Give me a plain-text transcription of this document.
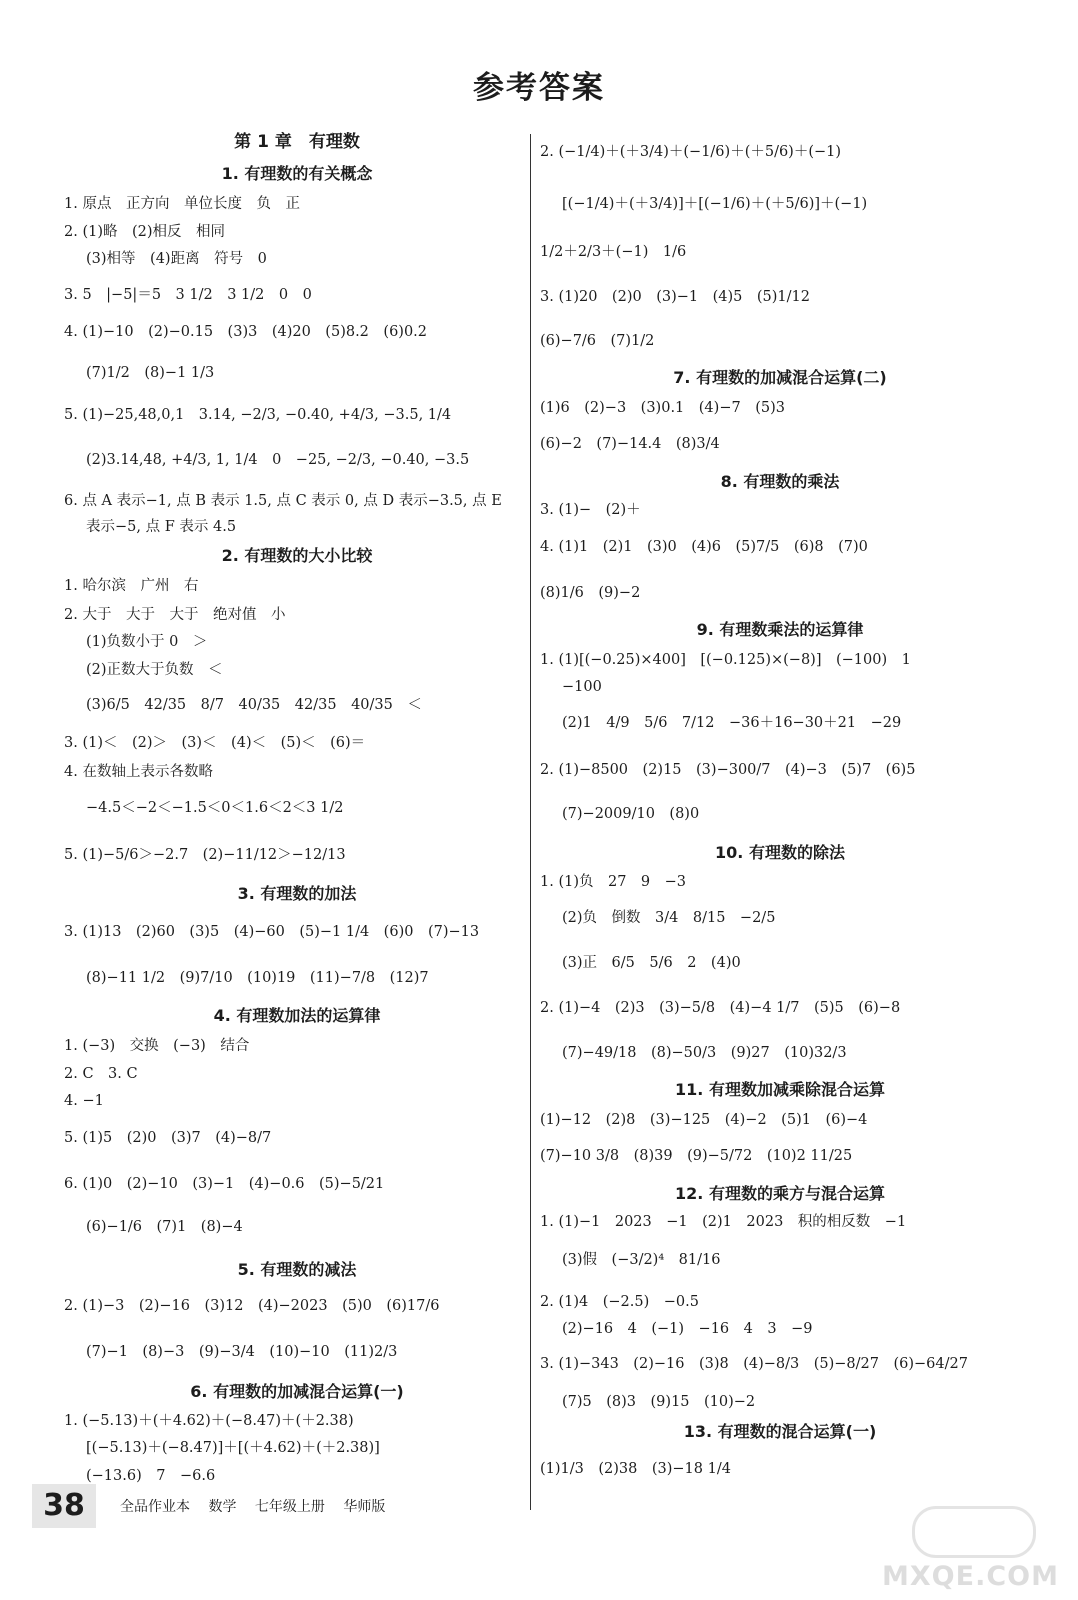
参考答案
第 1 章　有理数
1. 有理数的有关概念
1. 原点　正方向　单位长度　负　正
2. (1)略　(2)相反　相同
(3)相等　(4)距离　符号　0
3. 5　|−5|＝5　3 1/2　3 1/2　0　0
4. (1)−10　(2)−0.15　(3)3　(4)20　(5)8.2　(6)0.2
(7)1/2　(8)−1 1/3
5. (1)−25,48,0,1　3.14, −2/3, −0.40, +4/3, −3.5, 1/4
(2)3.14,48, +4/3, 1, 1/4　0　−25, −2/3, −0.40, −3.5
6. 点 A 表示−1, 点 B 表示 1.5, 点 C 表示 0, 点 D 表示−3.5, 点 E
表示−5, 点 F 表示 4.5
2. 有理数的大小比较
1. 哈尔滨　广州　右
2. 大于　大于　大于　绝对值　小
(1)负数小于 0　＞
(2)正数大于负数　＜
(3)6/5　42/35　8/7　40/35　42/35　40/35　＜
3. (1)＜　(2)＞　(3)＜　(4)＜　(5)＜　(6)＝
4. 在数轴上表示各数略
−4.5＜−2＜−1.5＜0＜1.6＜2＜3 1/2
5. (1)−5/6＞−2.7　(2)−11/12＞−12/13
3. 有理数的加法
3. (1)13　(2)60　(3)5　(4)−60　(5)−1 1/4　(6)0　(7)−13
(8)−11 1/2　(9)7/10　(10)19　(11)−7/8　(12)7
4. 有理数加法的运算律
1. (−3)　交换　(−3)　结合
2. C　3. C
4. −1
5. (1)5　(2)0　(3)7　(4)−8/7
6. (1)0　(2)−10　(3)−1　(4)−0.6　(5)−5/21
(6)−1/6　(7)1　(8)−4
5. 有理数的减法
2. (1)−3　(2)−16　(3)12　(4)−2023　(5)0　(6)17/6
(7)−1　(8)−3　(9)−3/4　(10)−10　(11)2/3
6. 有理数的加减混合运算(一)
1. (−5.13)＋(＋4.62)＋(−8.47)＋(＋2.38)
[(−5.13)＋(−8.47)]＋[(＋4.62)＋(＋2.38)]
(−13.6)　7　−6.6
2. (−1/4)＋(＋3/4)＋(−1/6)＋(＋5/6)＋(−1)
[(−1/4)＋(＋3/4)]＋[(−1/6)＋(＋5/6)]＋(−1)
1/2＋2/3＋(−1)　1/6
3. (1)20　(2)0　(3)−1　(4)5　(5)1/12
(6)−7/6　(7)1/2
7. 有理数的加减混合运算(二)
(1)6　(2)−3　(3)0.1　(4)−7　(5)3
(6)−2　(7)−14.4　(8)3/4
8. 有理数的乘法
3. (1)−　(2)＋
4. (1)1　(2)1　(3)0　(4)6　(5)7/5　(6)8　(7)0
(8)1/6　(9)−2
9. 有理数乘法的运算律
1. (1)[(−0.25)×400]　[(−0.125)×(−8)]　(−100)　1
−100
(2)1　4/9　5/6　7/12　−36＋16−30＋21　−29
2. (1)−8500　(2)15　(3)−300/7　(4)−3　(5)7　(6)5
(7)−2009/10　(8)0
10. 有理数的除法
1. (1)负　27　9　−3
(2)负　倒数　3/4　8/15　−2/5
(3)正　6/5　5/6　2　(4)0
2. (1)−4　(2)3　(3)−5/8　(4)−4 1/7　(5)5　(6)−8
(7)−49/18　(8)−50/3　(9)27　(10)32/3
11. 有理数加减乘除混合运算
(1)−12　(2)8　(3)−125　(4)−2　(5)1　(6)−4
(7)−10 3/8　(8)39　(9)−5/72　(10)2 11/25
12. 有理数的乘方与混合运算
1. (1)−1　2023　−1　(2)1　2023　积的相反数　−1
(3)假　(−3/2)⁴　81/16
2. (1)4　(−2.5)　−0.5
(2)−16　4　(−1)　−16　4　3　−9
3. (1)−343　(2)−16　(3)8　(4)−8/3　(5)−8/27　(6)−64/27
(7)5　(8)3　(9)15　(10)−2
13. 有理数的混合运算(一)
(1)1/3　(2)38　(3)−18 1/4
38	全品作业本 数学 七年级上册 华师版
MXQE.COM
